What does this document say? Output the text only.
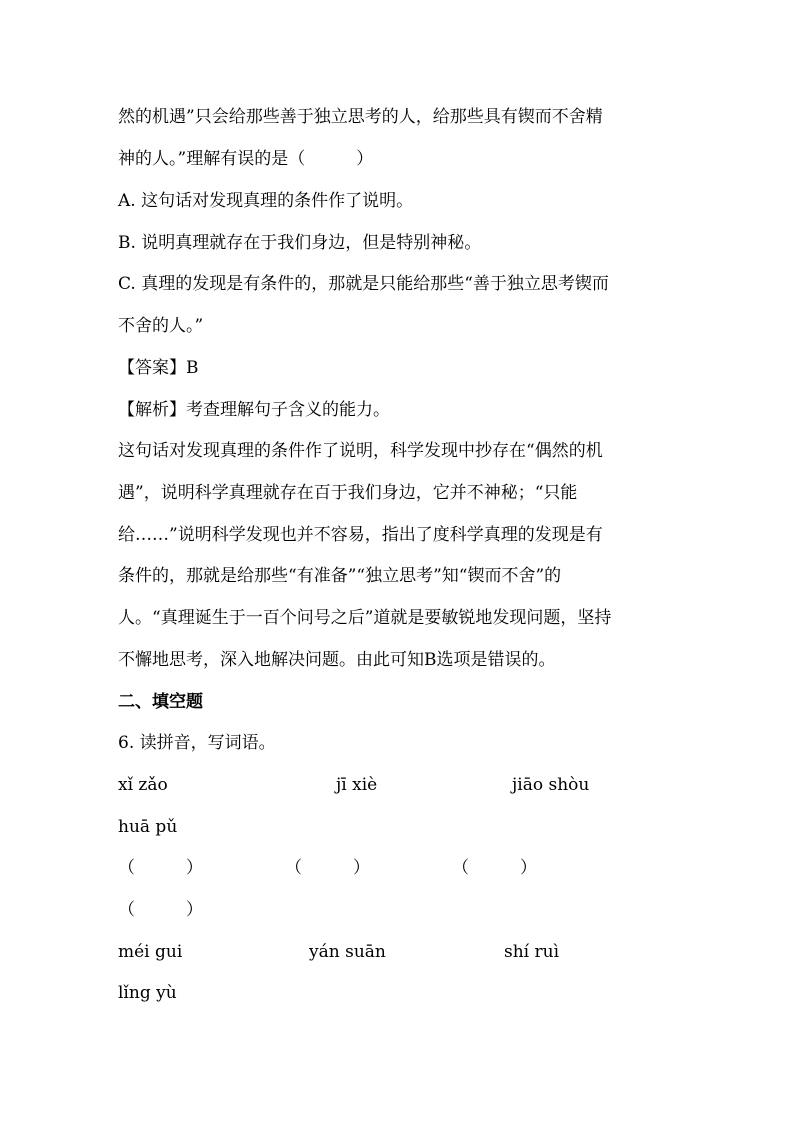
然的机遇”只会给那些善于独立思考的人，给那些具有锲而不舍精
神的人。”理解有误的是（　　　）
A. 这句话对发现真理的条件作了说明。
B. 说明真理就存在于我们身边，但是特别神秘。
C. 真理的发现是有条件的，那就是只能给那些“善于独立思考锲而
不舍的人。”
【答案】B
【解析】考查理解句子含义的能力。
这句话对发现真理的条件作了说明，科学发现中抄存在“偶然的机
遇”，说明科学真理就存在百于我们身边，它并不神秘；“只能
给……”说明科学发现也并不容易，指出了度科学真理的发现是有
条件的，那就是给那些“有准备”“独立思考”知“锲而不舍”的
人。“真理诞生于一百个问号之后”道就是要敏锐地发现问题，坚持
不懈地思考，深入地解决问题。由此可知B选项是错误的。
二、填空题
6. 读拼音，写词语。
xǐ zǎo	jī xiè	jiāo shòu
huā pǔ
（　　　）	（　　　）	（　　　）
（　　　）
méi gui	yán suān	shí ruì
lǐng yù
